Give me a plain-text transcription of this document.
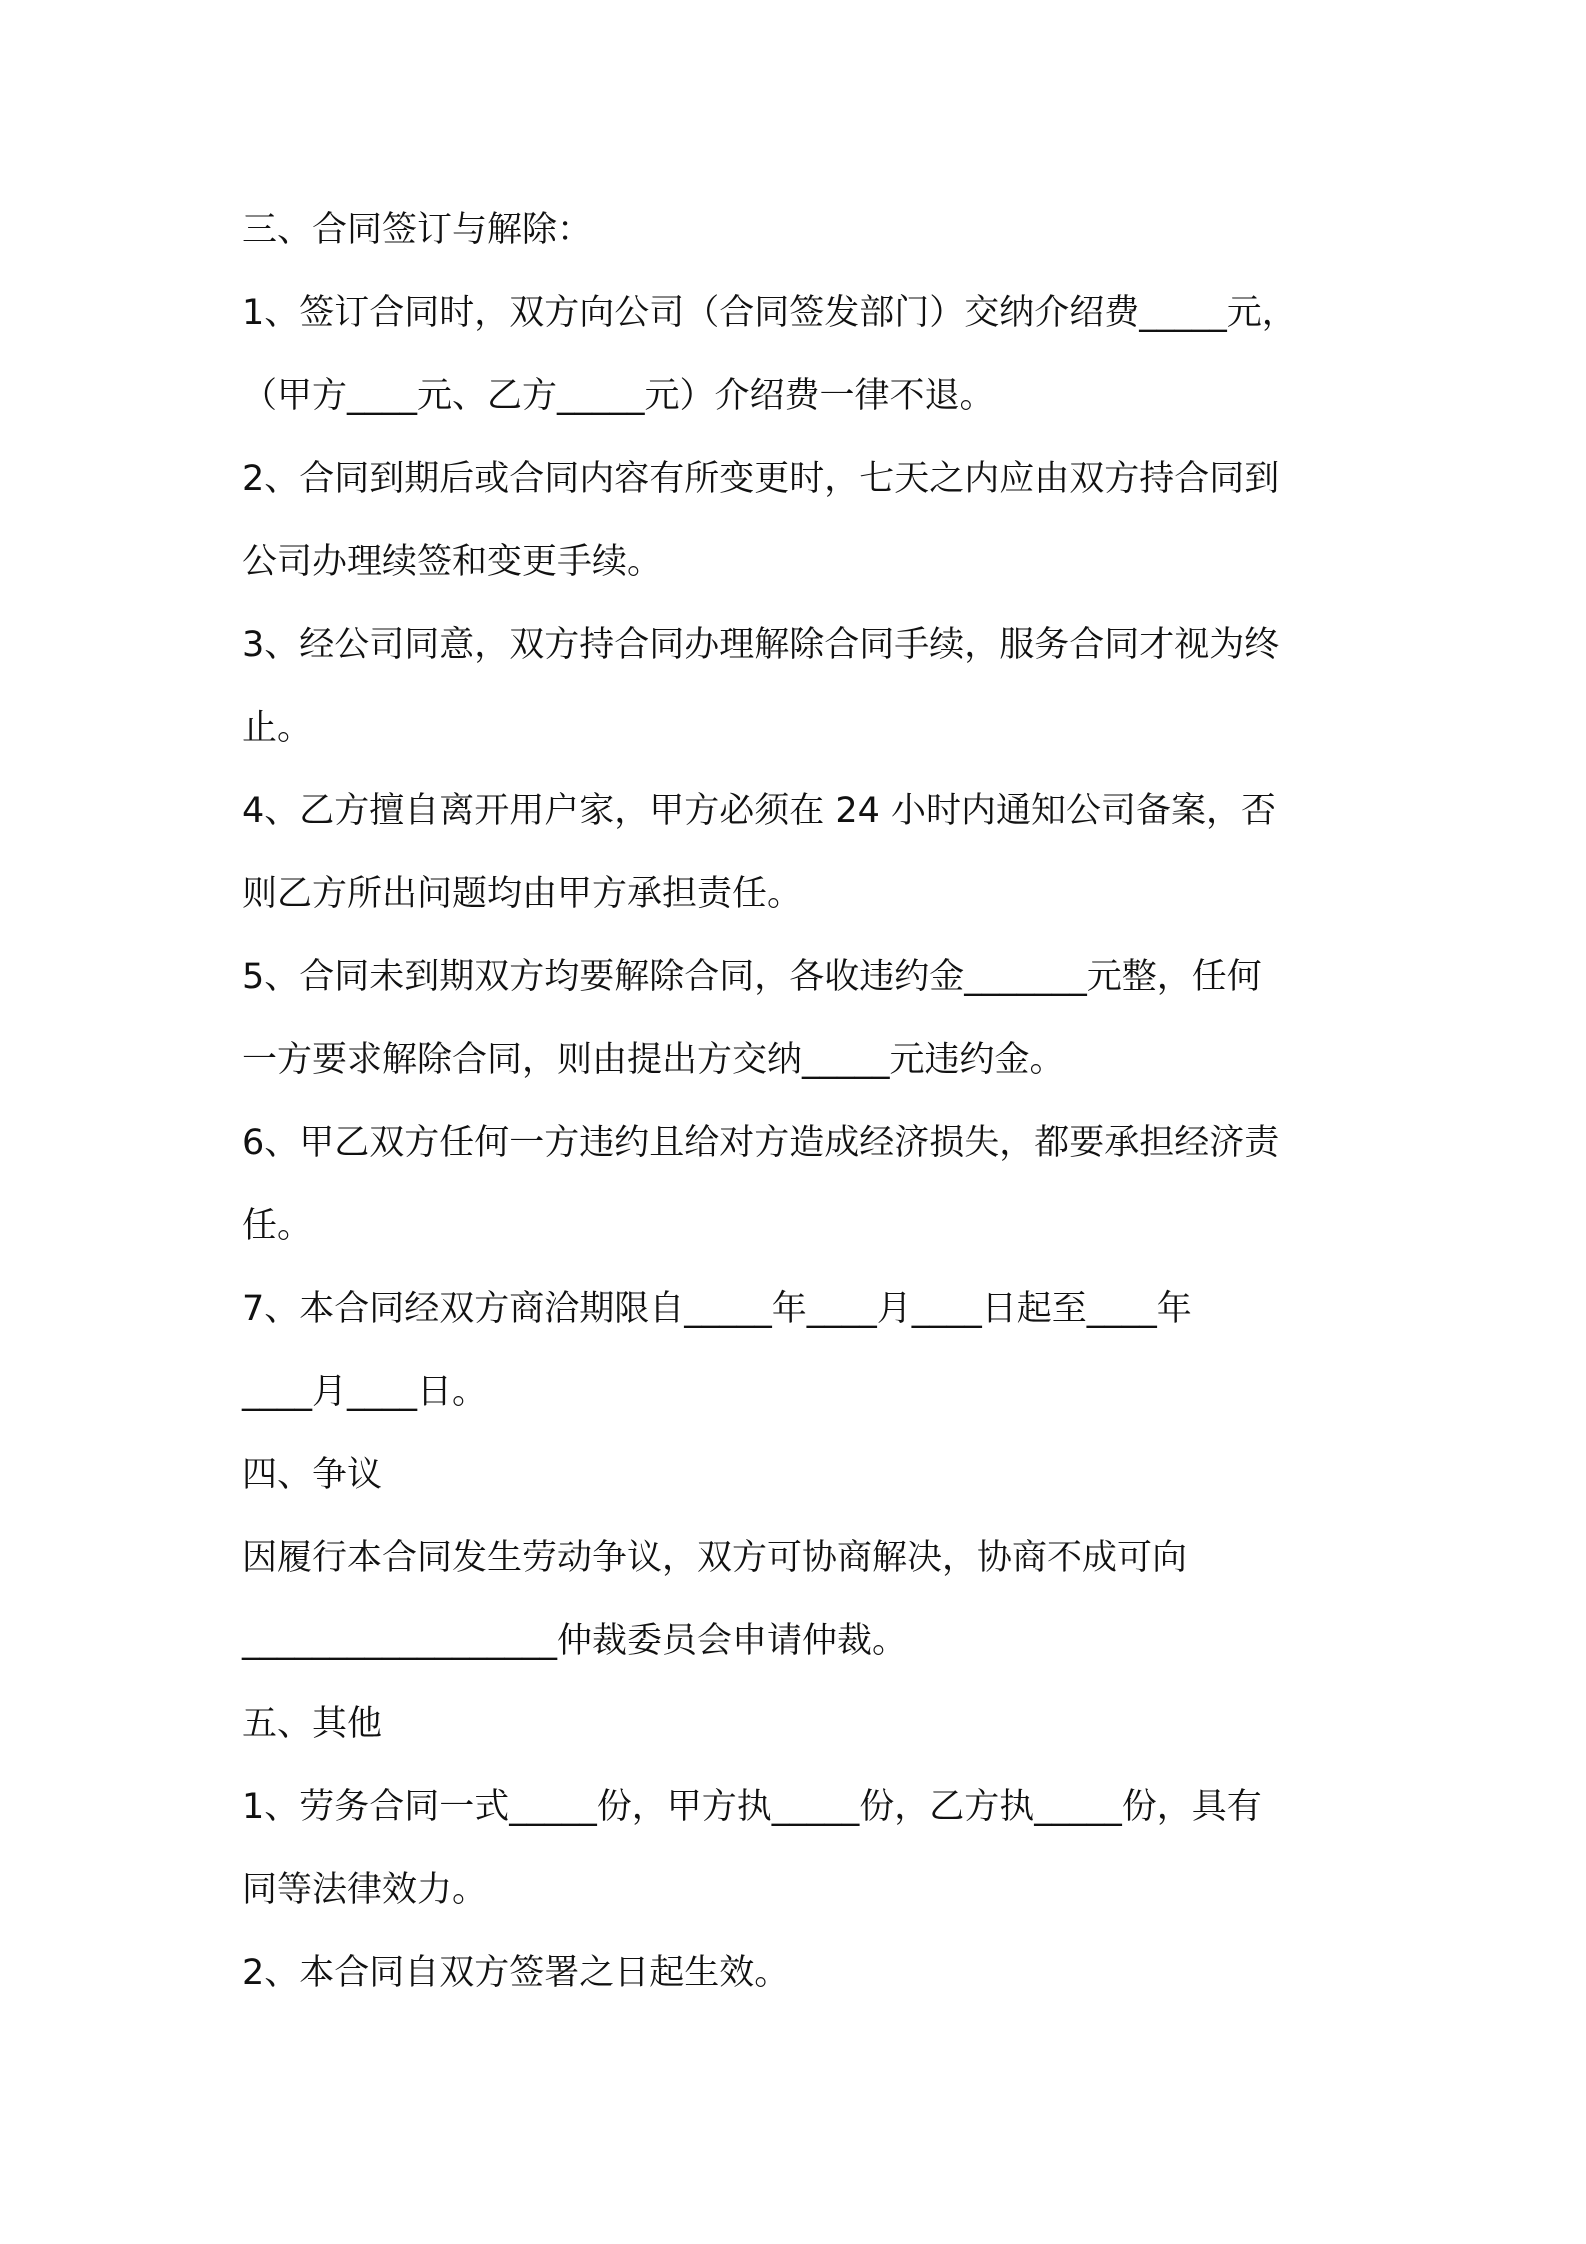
三、合同签订与解除：
1、签订合同时，双方向公司（合同签发部门）交纳介绍费_____元，
（甲方____元、乙方_____元）介绍费一律不退。
2、合同到期后或合同内容有所变更时，七天之内应由双方持合同到
公司办理续签和变更手续。
3、经公司同意，双方持合同办理解除合同手续，服务合同才视为终
止。
4、乙方擅自离开用户家，甲方必须在 24 小时内通知公司备案，否
则乙方所出问题均由甲方承担责任。
5、合同未到期双方均要解除合同，各收违约金_______元整，任何
一方要求解除合同，则由提出方交纳_____元违约金。
6、甲乙双方任何一方违约且给对方造成经济损失，都要承担经济责
任。
7、本合同经双方商洽期限自_____年____月____日起至____年
____月____日。
四、争议
因履行本合同发生劳动争议，双方可协商解决，协商不成可向
__________________仲裁委员会申请仲裁。
五、其他
1、劳务合同一式_____份，甲方执_____份，乙方执_____份，具有
同等法律效力。
2、本合同自双方签署之日起生效。
